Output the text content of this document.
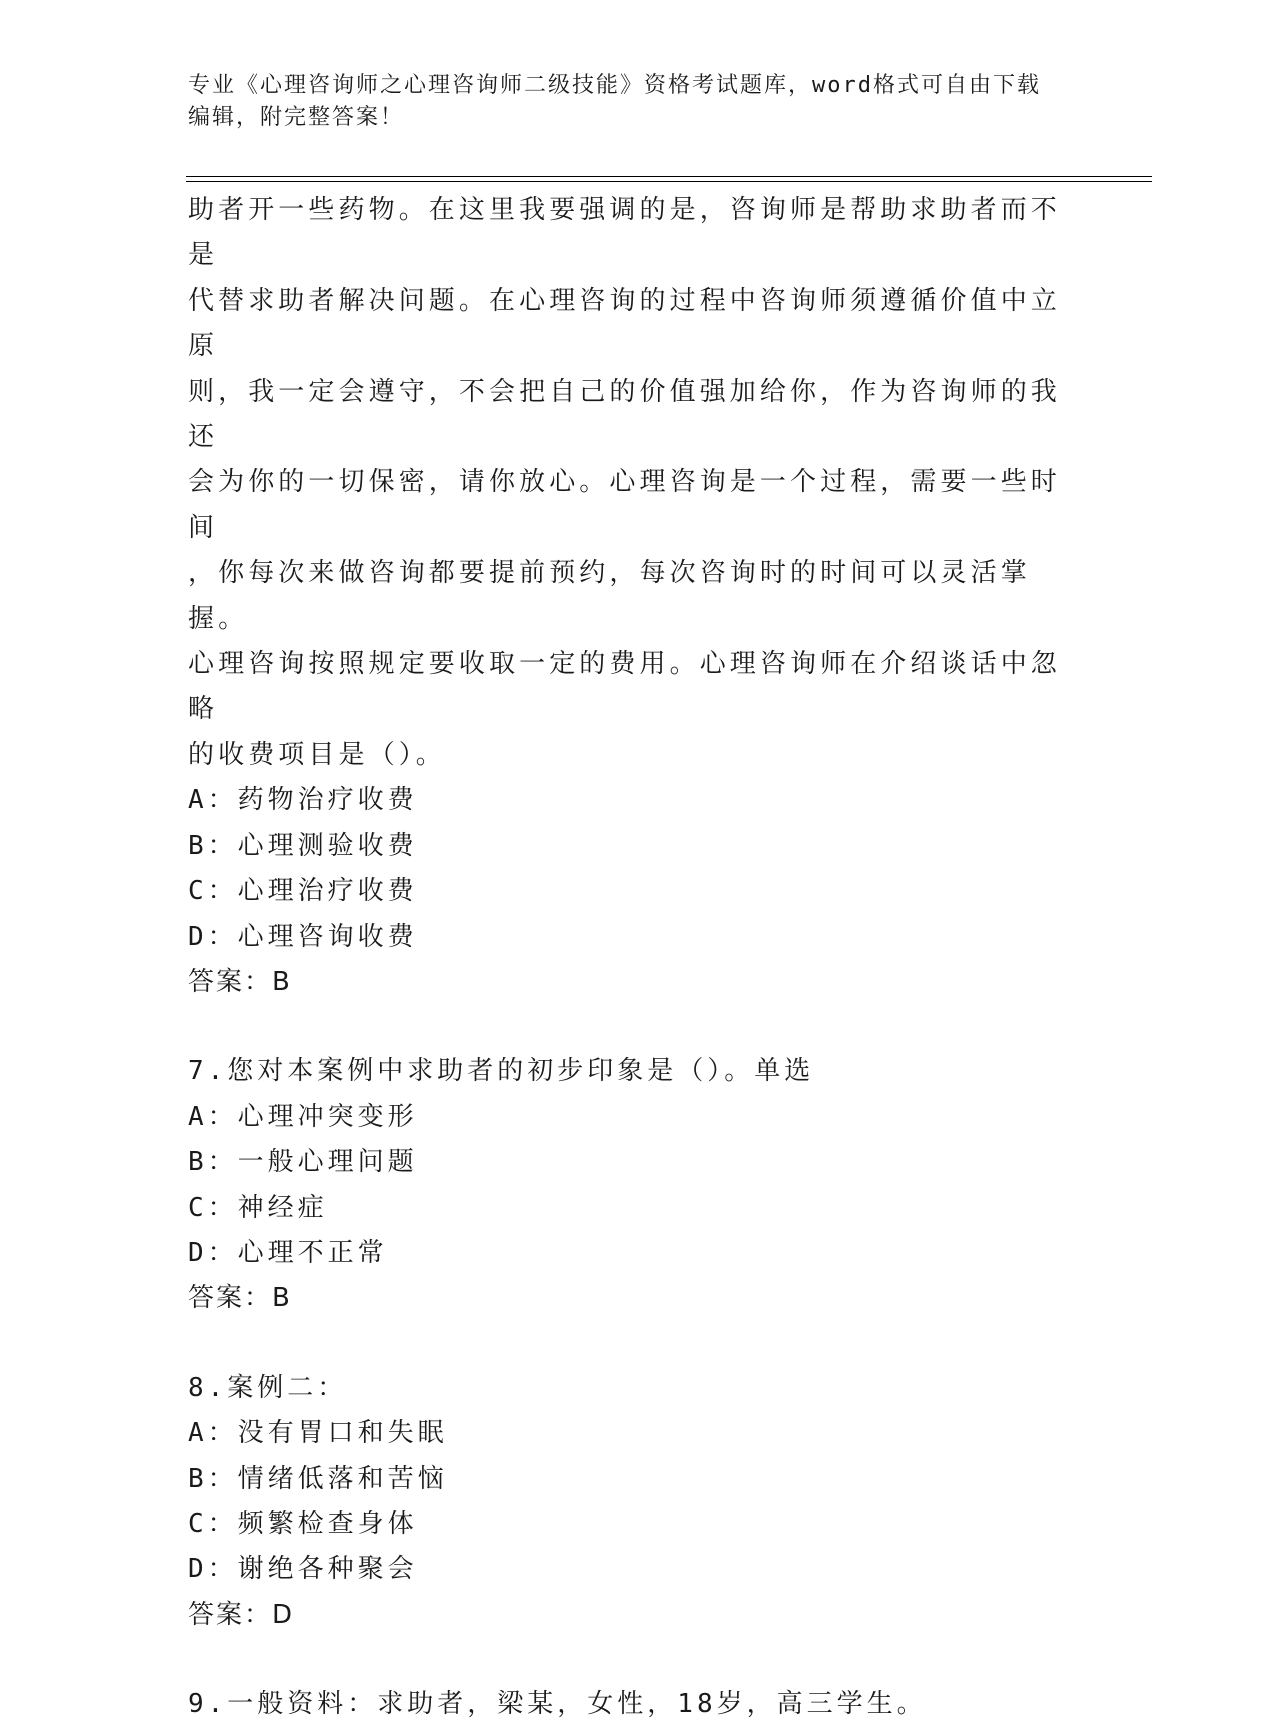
专业《心理咨询师之心理咨询师二级技能》资格考试题库，word格式可自由下载
编辑，附完整答案！

助者开一些药物。在这里我要强调的是，咨询师是帮助求助者而不是

代替求助者解决问题。在心理咨询的过程中咨询师须遵循价值中立原

则，我一定会遵守，不会把自己的价值强加给你，作为咨询师的我还

会为你的一切保密，请你放心。心理咨询是一个过程，需要一些时间

，你每次来做咨询都要提前预约，每次咨询时的时间可以灵活掌握。

心理咨询按照规定要收取一定的费用。心理咨询师在介绍谈话中忽略

的收费项目是（）。

A：药物治疗收费

B：心理测验收费

C：心理治疗收费

D：心理咨询收费

答案：B

7.您对本案例中求助者的初步印象是（）。单选

A：心理冲突变形

B：一般心理问题

C：神经症

D：心理不正常

答案：B

8.案例二：

A：没有胃口和失眠

B：情绪低落和苦恼

C：频繁检查身体

D：谢绝各种聚会

答案：D

9.一般资料：求助者，梁某，女性，18岁，高三学生。
